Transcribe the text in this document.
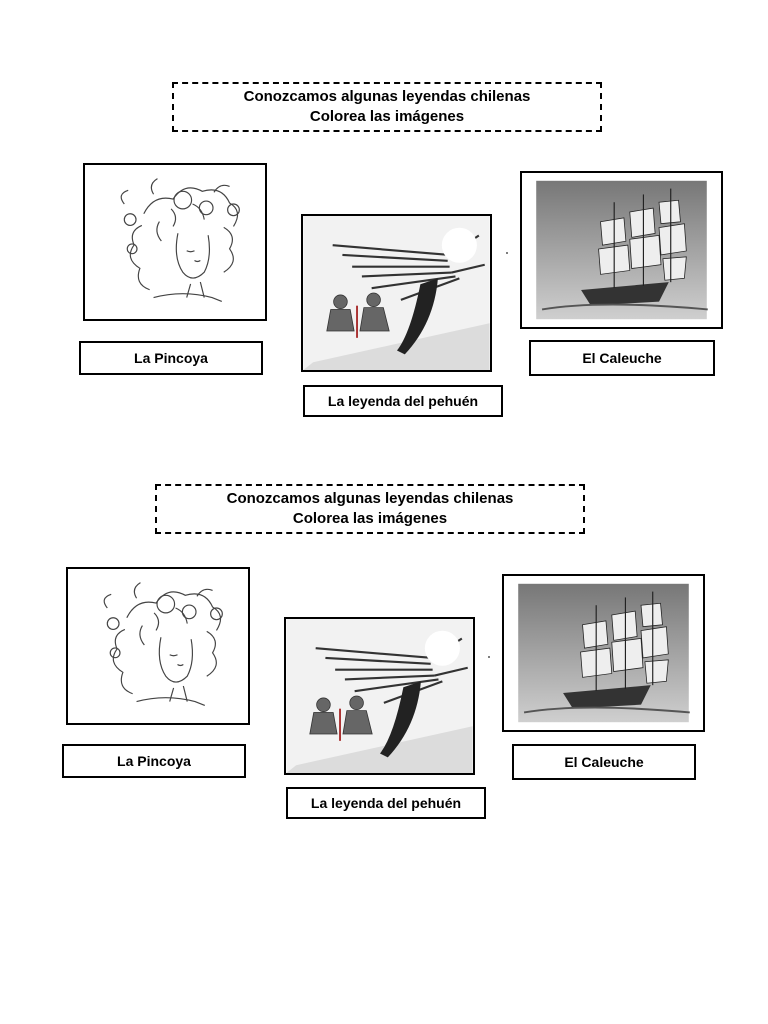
Conozcamos algunas leyendas chilenas
Colorea las imágenes
La Pincoya
La leyenda del pehuén
El Caleuche
Conozcamos algunas leyendas chilenas
Colorea las imágenes
La Pincoya
La leyenda del pehuén
El Caleuche
